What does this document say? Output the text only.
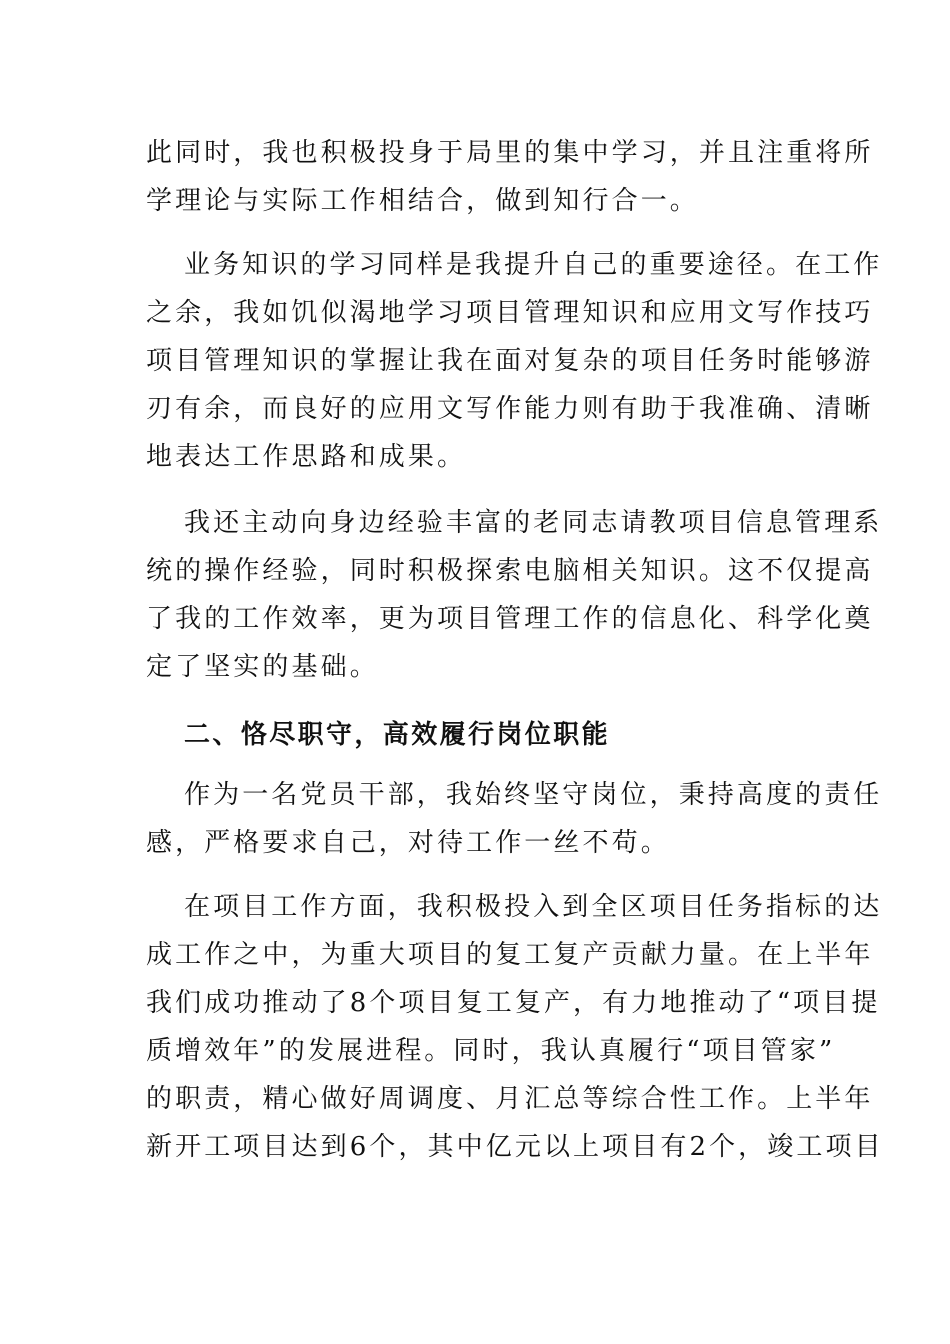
此同时，我也积极投身于局里的集中学习，并且注重将所
学理论与实际工作相结合，做到知行合一。
业务知识的学习同样是我提升自己的重要途径。在工作
之余，我如饥似渴地学习项目管理知识和应用文写作技巧
项目管理知识的掌握让我在面对复杂的项目任务时能够游
刃有余，而良好的应用文写作能力则有助于我准确、清晰
地表达工作思路和成果。
我还主动向身边经验丰富的老同志请教项目信息管理系
统的操作经验，同时积极探索电脑相关知识。这不仅提高
了我的工作效率，更为项目管理工作的信息化、科学化奠
定了坚实的基础。
二、恪尽职守，高效履行岗位职能
作为一名党员干部，我始终坚守岗位，秉持高度的责任
感，严格要求自己，对待工作一丝不苟。
在项目工作方面，我积极投入到全区项目任务指标的达
成工作之中，为重大项目的复工复产贡献力量。在上半年
我们成功推动了8个项目复工复产，有力地推动了“项目提
质增效年”的发展进程。同时，我认真履行“项目管家”
的职责，精心做好周调度、月汇总等综合性工作。上半年
新开工项目达到6个，其中亿元以上项目有2个，竣工项目
